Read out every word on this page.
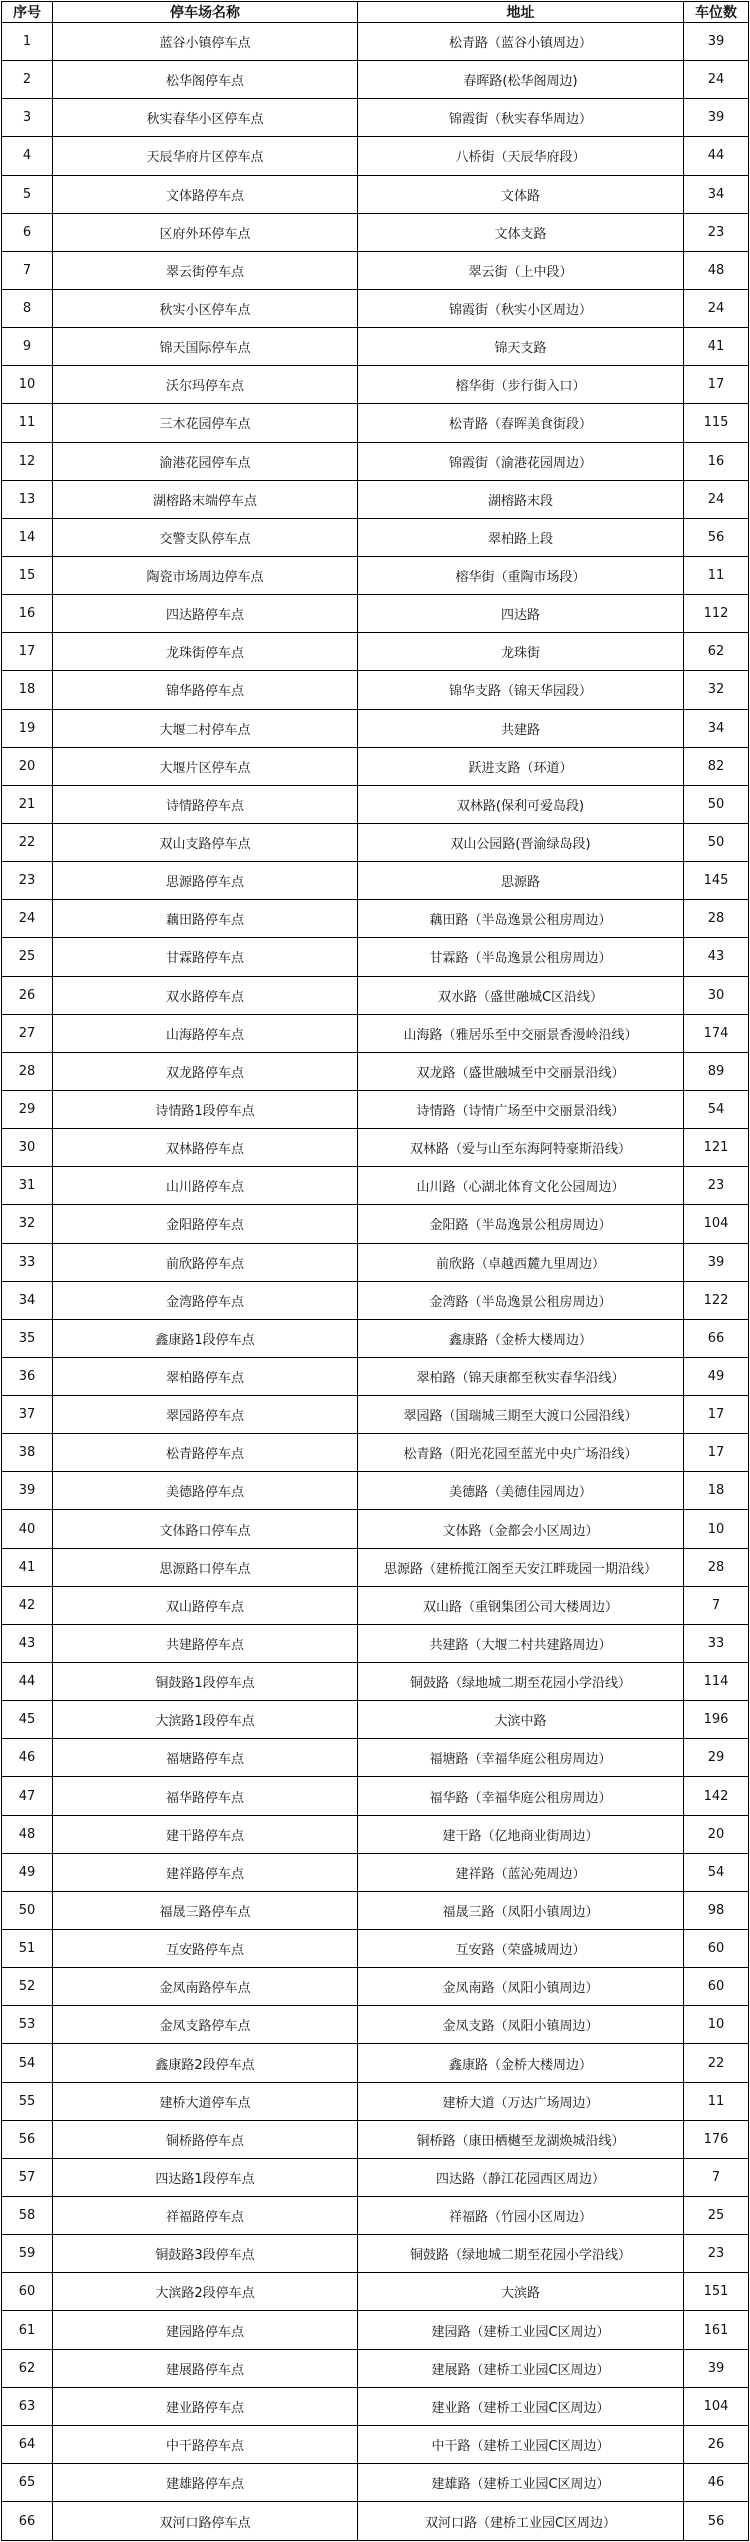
序号	停车场名称	地址	车位数
1	蓝谷小镇停车点	松青路（蓝谷小镇周边）	39
2	松华阁停车点	春晖路(松华阁周边)	24
3	秋实春华小区停车点	锦霞街（秋实春华周边）	39
4	天辰华府片区停车点	八桥街（天辰华府段）	44
5	文体路停车点	文体路	34
6	区府外环停车点	文体支路	23
7	翠云街停车点	翠云街（上中段）	48
8	秋实小区停车点	锦霞街（秋实小区周边）	24
9	锦天国际停车点	锦天支路	41
10	沃尔玛停车点	榕华街（步行街入口）	17
11	三木花园停车点	松青路（春晖美食街段）	115
12	渝港花园停车点	锦霞街（渝港花园周边）	16
13	湖榕路末端停车点	湖榕路末段	24
14	交警支队停车点	翠柏路上段	56
15	陶瓷市场周边停车点	榕华街（重陶市场段）	11
16	四达路停车点	四达路	112
17	龙珠街停车点	龙珠街	62
18	锦华路停车点	锦华支路（锦天华园段）	32
19	大堰二村停车点	共建路	34
20	大堰片区停车点	跃进支路（环道）	82
21	诗情路停车点	双林路(保利可爱岛段)	50
22	双山支路停车点	双山公园路(晋渝绿岛段)	50
23	思源路停车点	思源路	145
24	藕田路停车点	藕田路（半岛逸景公租房周边）	28
25	甘霖路停车点	甘霖路（半岛逸景公租房周边）	43
26	双水路停车点	双水路（盛世融城C区沿线）	30
27	山海路停车点	山海路（雅居乐至中交丽景香漫岭沿线）	174
28	双龙路停车点	双龙路（盛世融城至中交丽景沿线）	89
29	诗情路1段停车点	诗情路（诗情广场至中交丽景沿线）	54
30	双林路停车点	双林路（爱与山至东海阿特豪斯沿线）	121
31	山川路停车点	山川路（心湖北体育文化公园周边）	23
32	金阳路停车点	金阳路（半岛逸景公租房周边）	104
33	前欣路停车点	前欣路（卓越西麓九里周边）	39
34	金湾路停车点	金湾路（半岛逸景公租房周边）	122
35	鑫康路1段停车点	鑫康路（金桥大楼周边）	66
36	翠柏路停车点	翠柏路（锦天康都至秋实春华沿线）	49
37	翠园路停车点	翠园路（国瑞城三期至大渡口公园沿线）	17
38	松青路停车点	松青路（阳光花园至蓝光中央广场沿线）	17
39	美德路停车点	美德路（美德佳园周边）	18
40	文体路口停车点	文体路（金都会小区周边）	10
41	思源路口停车点	思源路（建桥揽江阁至天安江畔珑园一期沿线）	28
42	双山路停车点	双山路（重钢集团公司大楼周边）	7
43	共建路停车点	共建路（大堰二村共建路周边）	33
44	铜鼓路1段停车点	铜鼓路（绿地城二期至花园小学沿线）	114
45	大滨路1段停车点	大滨中路	196
46	福塘路停车点	福塘路（幸福华庭公租房周边）	29
47	福华路停车点	福华路（幸福华庭公租房周边）	142
48	建干路停车点	建干路（亿地商业街周边）	20
49	建祥路停车点	建祥路（蓝沁苑周边）	54
50	福晟三路停车点	福晟三路（凤阳小镇周边）	98
51	互安路停车点	互安路（荣盛城周边）	60
52	金凤南路停车点	金凤南路（凤阳小镇周边）	60
53	金凤支路停车点	金凤支路（凤阳小镇周边）	10
54	鑫康路2段停车点	鑫康路（金桥大楼周边）	22
55	建桥大道停车点	建桥大道（万达广场周边）	11
56	铜桥路停车点	铜桥路（康田栖樾至龙湖焕城沿线）	176
57	四达路1段停车点	四达路（静江花园西区周边）	7
58	祥福路停车点	祥福路（竹园小区周边）	25
59	铜鼓路3段停车点	铜鼓路（绿地城二期至花园小学沿线）	23
60	大滨路2段停车点	大滨路	151
61	建园路停车点	建园路（建桥工业园C区周边）	161
62	建展路停车点	建展路（建桥工业园C区周边）	39
63	建业路停车点	建业路（建桥工业园C区周边）	104
64	中干路停车点	中干路（建桥工业园C区周边）	26
65	建雄路停车点	建雄路（建桥工业园C区周边）	46
66	双河口路停车点	双河口路（建桥工业园C区周边）	56
